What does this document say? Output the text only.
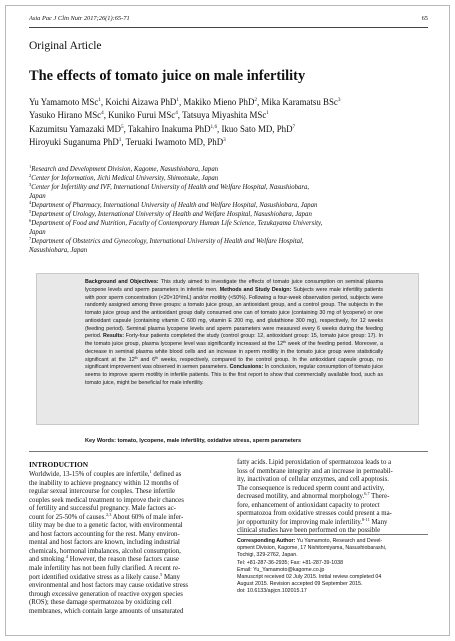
Asia Pac J Clin Nutr 2017;26(1):65-71	65
Original Article
The effects of tomato juice on male infertility
Yu Yamamoto MSc$^1$, Koichi Aizawa PhD$^1$, Makiko Mieno PhD$^2$, Mika Karamatsu BSc$^3$
Yasuko Hirano MSc$^4$, Kuniko Furui MSc$^4$, Tatsuya Miyashita MSc$^1$
Kazumitsu Yamazaki $MD^5$, Takahiro Inakuma PhD$^{1,6}$, Ikuo Sato MD, PhD$^7$
Hiroyuki Suganuma PhD$^1$, Teruaki Iwamoto MD, PhD$^3$
$^1$Research and Development Division, Kagome, Nasushiobara, Japan
$^2$Center for Information, Jichi Medical University, Shimotsuke, Japan
$^3$Center for Infertility and IVF, International University of Health and Welfare Hospital, Nasushiobara,
Japan
$^4$Department of Pharmacy, International University of Health and Welfare Hospital, Nasushiobara, Japan
$^5$Department of Urology, International University of Health and Welfare Hospital, Nasushiobara, Japan
$^6$Department of Food and Nutrition, Faculty of Contemporary Human Life Science, Tezukayama University,
Japan
$^7$Department of Obstetrics and Gynecology, International University of Health and Welfare Hospital,
Nasushiobara, Japan
Background and Objectives: This study aimed to investigate the effects of tomato juice consumption on seminal plasma lycopene levels and sperm parameters in infertile men. Methods and Study Design: Subjects were male infertility patients with poor sperm concentration (<20×10⁶/mL) and/or motility (<50%). Following a four-week observation period, subjects were randomly assigned among three groups: a tomato juice group, an antioxidant group, and a control group. The subjects in the tomato juice group and the antioxidant group daily consumed one can of tomato juice (containing 30 mg of lycopene) or one antioxidant capsule (containing vitamin C 600 mg, vitamin E 200 mg, and glutathione 300 mg), respectively, for 12 weeks (feeding period). Seminal plasma lycopene levels and sperm parameters were measured every 6 weeks during the feeding period. Results: Forty-four patients completed the study (control group: 12, antioxidant group: 15, tomato juice group: 17). In the tomato juice group, plasma lycopene level was significantly increased at the 12th week of the feeding period. Moreover, a decrease in seminal plasma white blood cells and an increase in sperm motility in the tomato juice group were statistically significant at the 12th and 6th weeks, respectively, compared to the control group. In the antioxidant capsule group, no significant improvement was observed in semen parameters. Conclusions: In conclusion, regular consumption of tomato juice seems to improve sperm motility in infertile patients. This is the first report to show that commercially available food, such as tomato juice, might be beneficial for male infertility.
Key Words: tomato, lycopene, male infertility, oxidative stress, sperm parameters
INTRODUCTION
Worldwide, 13-15% of couples are infertile,$^1$ defined as
the inability to achieve pregnancy within 12 months of
regular sexual intercourse for couples. These infertile
couples seek medical treatment to improve their chances
of fertility and successful pregnancy. Male factors ac-
count for 25-50% of causes.$^{2,3}$ About 60% of male infer-
tility may be due to a genetic factor, with environmental
and host factors accounting for the rest. Many environ-
mental and host factors are known, including industrial
chemicals, hormonal imbalances, alcohol consumption,
and smoking.$^4$ However, the reason these factors cause
male infertility has not been fully clarified. A recent re-
port identified oxidative stress as a likely cause.$^5$ Many
environmental and host factors may cause oxidative stress
through excessive generation of reactive oxygen species
(ROS); these damage spermatozoa by oxidizing cell
membranes, which contain large amounts of unsaturated
fatty acids. Lipid peroxidation of spermatozoa leads to a
loss of membrane integrity and an increase in permeabil-
ity, inactivation of cellular enzymes, and cell apoptosis.
The consequence is reduced sperm count and activity,
decreased motility, and abnormal morphology.$^{6,7}$ There-
fore, enhancement of antioxidant capacity to protect
spermatozoa from oxidative stresses could present a ma-
jor opportunity for improving male infertility.$^{8-11}$ Many
clinical studies have been performed on the possible
Corresponding Author: Yu Yamamoto, Research and Devel-
opment Division, Kagome, 17 Nishitomiyama, Nasushiobarashi,
Tochigi, 329-2762, Japan.
Tel: +81-287-36-2935; Fax: +81-287-39-1038
Email: Yu_Yamamoto@kagome.co.jp
Manuscript received 02 July 2015. Initial review completed 04
August 2015. Revision accepted 09 September 2015.
doi: 10.6133/apjcn.102015.17
